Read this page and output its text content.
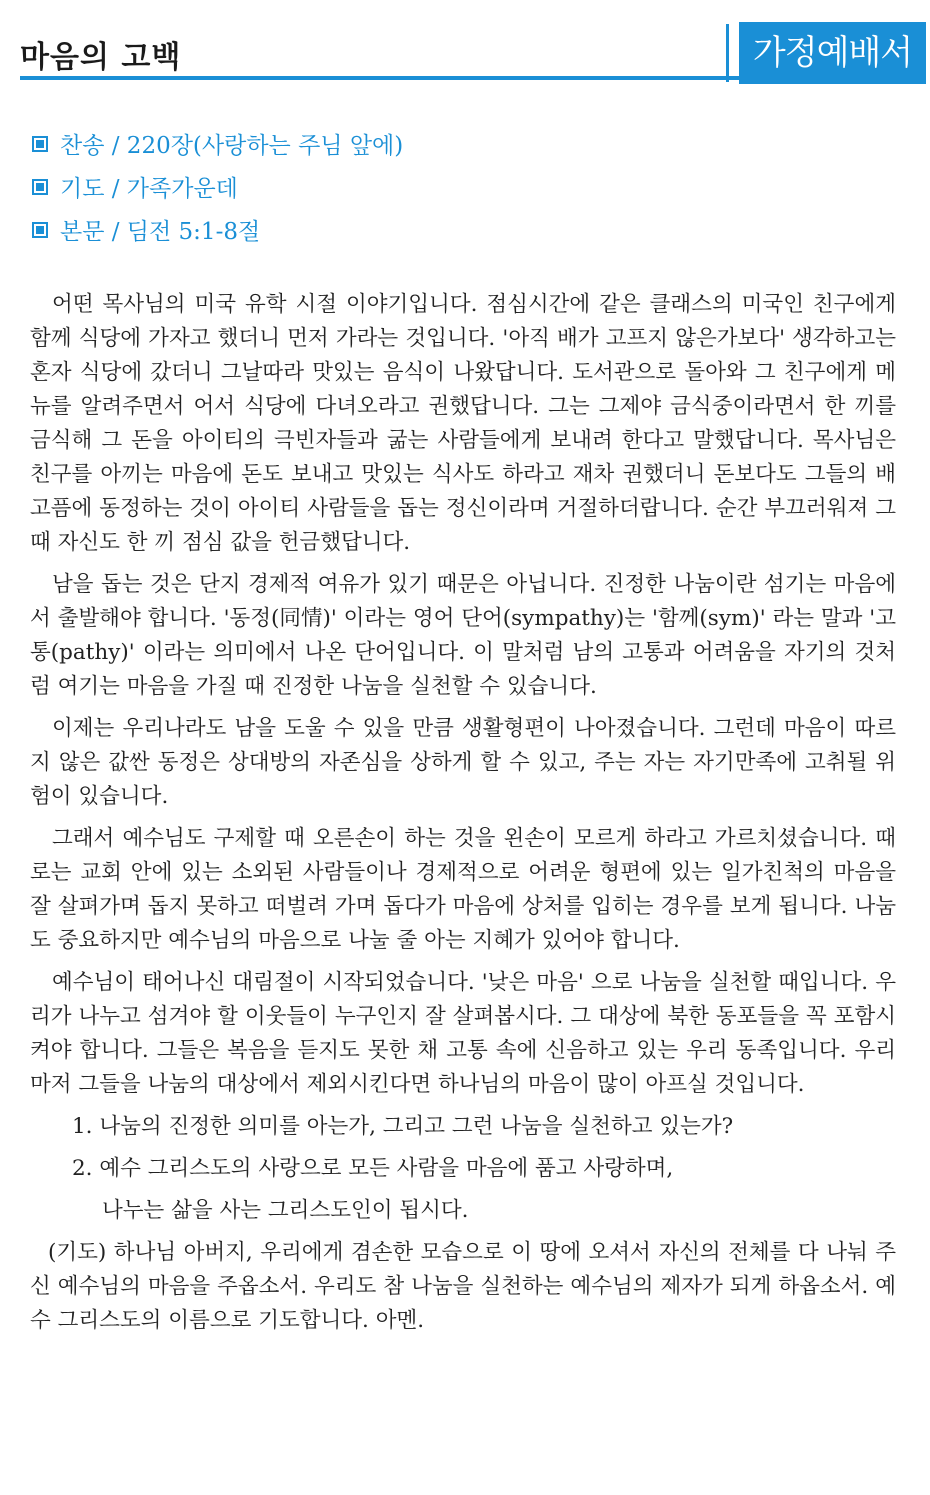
마음의 고백	가정예배서
찬송 / 220장(사랑하는 주님 앞에)
기도 / 가족가운데
본문 / 딤전 5:1-8절

어떤 목사님의 미국 유학 시절 이야기입니다. 점심시간에 같은 클래스의 미국인 친구에게 함께 식당에 가자고 했더니 먼저 가라는 것입니다. '아직 배가 고프지 않은가보다' 생각하고는 혼자 식당에 갔더니 그날따라 맛있는 음식이 나왔답니다. 도서관으로 돌아와 그 친구에게 메뉴를 알려주면서 어서 식당에 다녀오라고 권했답니다. 그는 그제야 금식중이라면서 한 끼를 금식해 그 돈을 아이티의 극빈자들과 굶는 사람들에게 보내려 한다고 말했답니다. 목사님은 친구를 아끼는 마음에 돈도 보내고 맛있는 식사도 하라고 재차 권했더니 돈보다도 그들의 배고픔에 동정하는 것이 아이티 사람들을 돕는 정신이라며 거절하더랍니다. 순간 부끄러워져 그때 자신도 한 끼 점심 값을 헌금했답니다.

남을 돕는 것은 단지 경제적 여유가 있기 때문은 아닙니다. 진정한 나눔이란 섬기는 마음에서 출발해야 합니다. '동정(同情)' 이라는 영어 단어(sympathy)는 '함께(sym)' 라는 말과 '고통(pathy)' 이라는 의미에서 나온 단어입니다. 이 말처럼 남의 고통과 어려움을 자기의 것처럼 여기는 마음을 가질 때 진정한 나눔을 실천할 수 있습니다.

이제는 우리나라도 남을 도울 수 있을 만큼 생활형편이 나아졌습니다. 그런데 마음이 따르지 않은 값싼 동정은 상대방의 자존심을 상하게 할 수 있고, 주는 자는 자기만족에 고취될 위험이 있습니다.

그래서 예수님도 구제할 때 오른손이 하는 것을 왼손이 모르게 하라고 가르치셨습니다. 때로는 교회 안에 있는 소외된 사람들이나 경제적으로 어려운 형편에 있는 일가친척의 마음을 잘 살펴가며 돕지 못하고 떠벌려 가며 돕다가 마음에 상처를 입히는 경우를 보게 됩니다. 나눔도 중요하지만 예수님의 마음으로 나눌 줄 아는 지혜가 있어야 합니다.

예수님이 태어나신 대림절이 시작되었습니다. '낮은 마음' 으로 나눔을 실천할 때입니다. 우리가 나누고 섬겨야 할 이웃들이 누구인지 잘 살펴봅시다. 그 대상에 북한 동포들을 꼭 포함시켜야 합니다. 그들은 복음을 듣지도 못한 채 고통 속에 신음하고 있는 우리 동족입니다. 우리마저 그들을 나눔의 대상에서 제외시킨다면 하나님의 마음이 많이 아프실 것입니다.

1. 나눔의 진정한 의미를 아는가, 그리고 그런 나눔을 실천하고 있는가?
2. 예수 그리스도의 사랑으로 모든 사람을 마음에 품고 사랑하며,
나누는 삶을 사는 그리스도인이 됩시다.

(기도) 하나님 아버지, 우리에게 겸손한 모습으로 이 땅에 오셔서 자신의 전체를 다 나눠 주신 예수님의 마음을 주옵소서. 우리도 참 나눔을 실천하는 예수님의 제자가 되게 하옵소서. 예수 그리스도의 이름으로 기도합니다. 아멘.
